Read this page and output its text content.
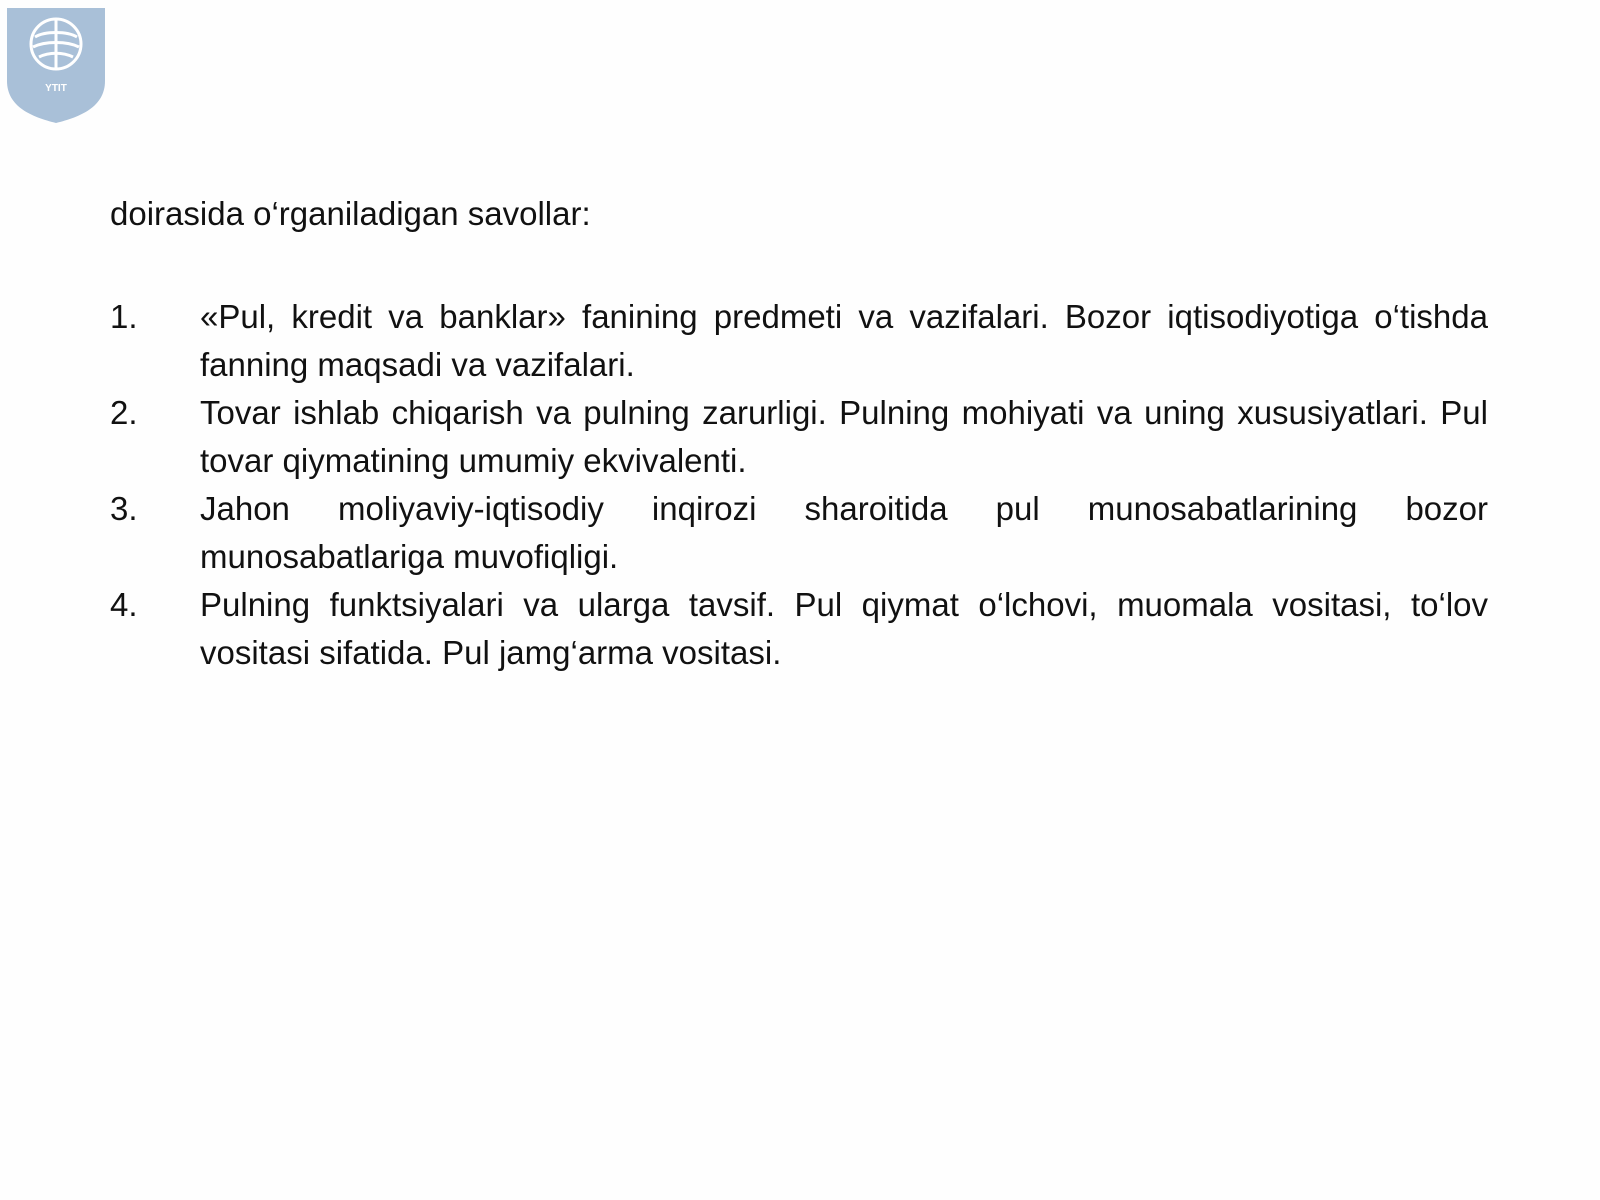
YTIT
doirasida o‘rganiladigan savollar:
1.	«Pul, kredit va banklar» fanining predmeti va vazifalari. Bozor iqtisodiyotiga o‘tishda fanning maqsadi va vazifalari.
2.	Tovar ishlab chiqarish va pulning zarurligi. Pulning mohiyati va uning xususiyatlari. Pul tovar qiymatining umumiy ekvivalenti.
3.	Jahon moliyaviy-iqtisodiy inqirozi sharoitida pul munosabatlarining bozor munosabatlariga muvofiqligi.
4.	Pulning funktsiyalari va ularga tavsif. Pul qiymat o‘lchovi, muomala vositasi, to‘lov vositasi sifatida. Pul jamg‘arma vositasi.
